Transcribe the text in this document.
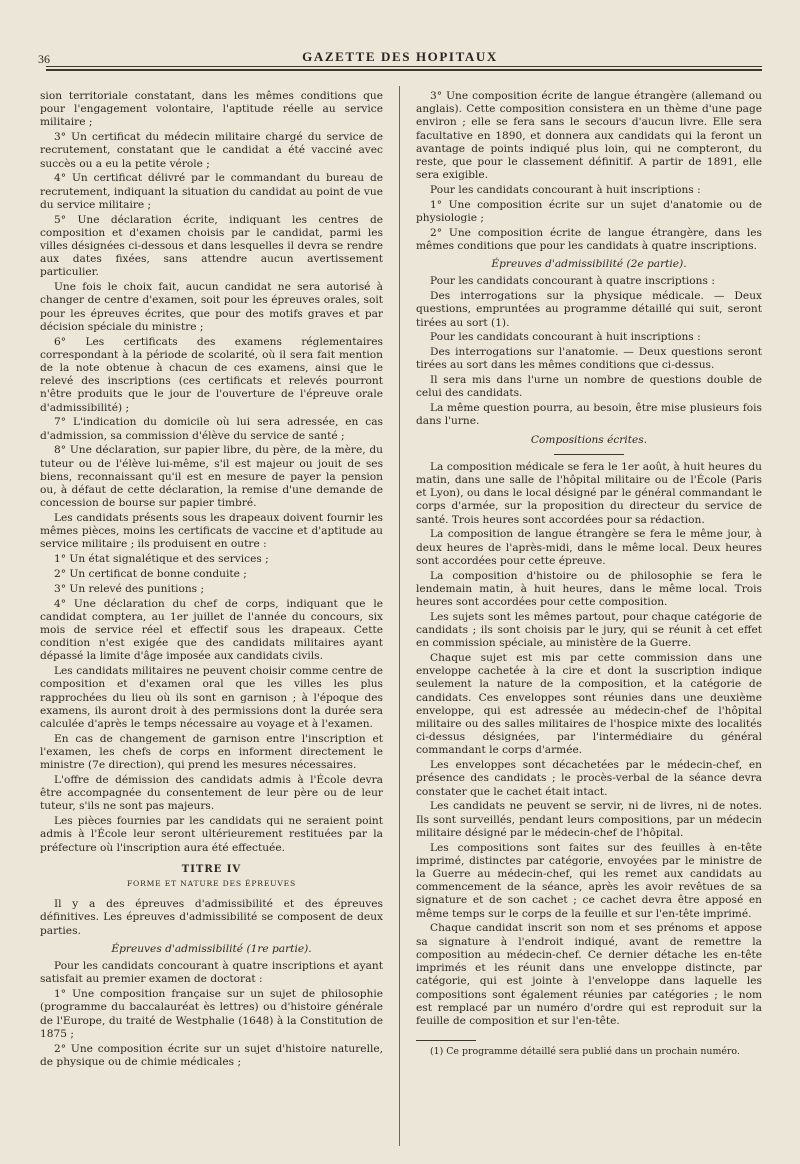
36	GAZETTE DES HOPITAUX

sion territoriale constatant, dans les mêmes conditions que pour l'engagement volontaire, l'aptitude réelle au service militaire ;

3° Un certificat du médecin militaire chargé du service de recrutement, constatant que le candidat a été vacciné avec succès ou a eu la petite vérole ;

4° Un certificat délivré par le commandant du bureau de recrutement, indiquant la situation du candidat au point de vue du service militaire ;

5° Une déclaration écrite, indiquant les centres de composition et d'examen choisis par le candidat, parmi les villes désignées ci-dessous et dans lesquelles il devra se rendre aux dates fixées, sans attendre aucun avertissement particulier.

Une fois le choix fait, aucun candidat ne sera autorisé à changer de centre d'examen, soit pour les épreuves orales, soit pour les épreuves écrites, que pour des motifs graves et par décision spéciale du ministre ;

6° Les certificats des examens réglementaires correspondant à la période de scolarité, où il sera fait mention de la note obtenue à chacun de ces examens, ainsi que le relevé des inscriptions (ces certificats et relevés pourront n'être produits que le jour de l'ouverture de l'épreuve orale d'admissibilité) ;

7° L'indication du domicile où lui sera adressée, en cas d'admission, sa commission d'élève du service de santé ;

8° Une déclaration, sur papier libre, du père, de la mère, du tuteur ou de l'élève lui-même, s'il est majeur ou jouit de ses biens, reconnaissant qu'il est en mesure de payer la pension ou, à défaut de cette déclaration, la remise d'une demande de concession de bourse sur papier timbré.

Les candidats présents sous les drapeaux doivent fournir les mêmes pièces, moins les certificats de vaccine et d'aptitude au service militaire ; ils produisent en outre :

1° Un état signalétique et des services ;

2° Un certificat de bonne conduite ;

3° Un relevé des punitions ;

4° Une déclaration du chef de corps, indiquant que le candidat comptera, au 1er juillet de l'année du concours, six mois de service réel et effectif sous les drapeaux. Cette condition n'est exigée que des candidats militaires ayant dépassé la limite d'âge imposée aux candidats civils.

Les candidats militaires ne peuvent choisir comme centre de composition et d'examen oral que les villes les plus rapprochées du lieu où ils sont en garnison ; à l'époque des examens, ils auront droit à des permissions dont la durée sera calculée d'après le temps nécessaire au voyage et à l'examen.

En cas de changement de garnison entre l'inscription et l'examen, les chefs de corps en informent directement le ministre (7e direction), qui prend les mesures nécessaires.

L'offre de démission des candidats admis à l'École devra être accompagnée du consentement de leur père ou de leur tuteur, s'ils ne sont pas majeurs.

Les pièces fournies par les candidats qui ne seraient point admis à l'École leur seront ultérieurement restituées par la préfecture où l'inscription aura été effectuée.

TITRE IV

FORME ET NATURE DES ÉPREUVES

Il y a des épreuves d'admissibilité et des épreuves définitives. Les épreuves d'admissibilité se composent de deux parties.

Épreuves d'admissibilité (1re partie).

Pour les candidats concourant à quatre inscriptions et ayant satisfait au premier examen de doctorat :

1° Une composition française sur un sujet de philosophie (programme du baccalauréat ès lettres) ou d'histoire générale de l'Europe, du traité de Westphalie (1648) à la Constitution de 1875 ;

2° Une composition écrite sur un sujet d'histoire naturelle, de physique ou de chimie médicales ;

3° Une composition écrite de langue étrangère (allemand ou anglais). Cette composition consistera en un thème d'une page environ ; elle se fera sans le secours d'aucun livre. Elle sera facultative en 1890, et donnera aux candidats qui la feront un avantage de points indiqué plus loin, qui ne compteront, du reste, que pour le classement définitif. A partir de 1891, elle sera exigible.

Pour les candidats concourant à huit inscriptions :

1° Une composition écrite sur un sujet d'anatomie ou de physiologie ;

2° Une composition écrite de langue étrangère, dans les mêmes conditions que pour les candidats à quatre inscriptions.

Épreuves d'admissibilité (2e partie).

Pour les candidats concourant à quatre inscriptions :

Des interrogations sur la physique médicale. — Deux questions, empruntées au programme détaillé qui suit, seront tirées au sort (1).

Pour les candidats concourant à huit inscriptions :

Des interrogations sur l'anatomie. — Deux questions seront tirées au sort dans les mêmes conditions que ci-dessus.

Il sera mis dans l'urne un nombre de questions double de celui des candidats.

La même question pourra, au besoin, être mise plusieurs fois dans l'urne.

Compositions écrites.

La composition médicale se fera le 1er août, à huit heures du matin, dans une salle de l'hôpital militaire ou de l'École (Paris et Lyon), ou dans le local désigné par le général commandant le corps d'armée, sur la proposition du directeur du service de santé. Trois heures sont accordées pour sa rédaction.

La composition de langue étrangère se fera le même jour, à deux heures de l'après-midi, dans le même local. Deux heures sont accordées pour cette épreuve.

La composition d'histoire ou de philosophie se fera le lendemain matin, à huit heures, dans le même local. Trois heures sont accordées pour cette composition.

Les sujets sont les mêmes partout, pour chaque catégorie de candidats ; ils sont choisis par le jury, qui se réunit à cet effet en commission spéciale, au ministère de la Guerre.

Chaque sujet est mis par cette commission dans une enveloppe cachetée à la cire et dont la suscription indique seulement la nature de la composition, et la catégorie de candidats. Ces enveloppes sont réunies dans une deuxième enveloppe, qui est adressée au médecin-chef de l'hôpital militaire ou des salles militaires de l'hospice mixte des localités ci-dessus désignées, par l'intermédiaire du général commandant le corps d'armée.

Les enveloppes sont décachetées par le médecin-chef, en présence des candidats ; le procès-verbal de la séance devra constater que le cachet était intact.

Les candidats ne peuvent se servir, ni de livres, ni de notes. Ils sont surveillés, pendant leurs compositions, par un médecin militaire désigné par le médecin-chef de l'hôpital.

Les compositions sont faites sur des feuilles à en-tête imprimé, distinctes par catégorie, envoyées par le ministre de la Guerre au médecin-chef, qui les remet aux candidats au commencement de la séance, après les avoir revêtues de sa signature et de son cachet ; ce cachet devra être apposé en même temps sur le corps de la feuille et sur l'en-tête imprimé.

Chaque candidat inscrit son nom et ses prénoms et appose sa signature à l'endroit indiqué, avant de remettre la composition au médecin-chef. Ce dernier détache les en-tête imprimés et les réunit dans une enveloppe distincte, par catégorie, qui est jointe à l'enveloppe dans laquelle les compositions sont également réunies par catégories ; le nom est remplacé par un numéro d'ordre qui est reproduit sur la feuille de composition et sur l'en-tête.

(1) Ce programme détaillé sera publié dans un prochain numéro.
